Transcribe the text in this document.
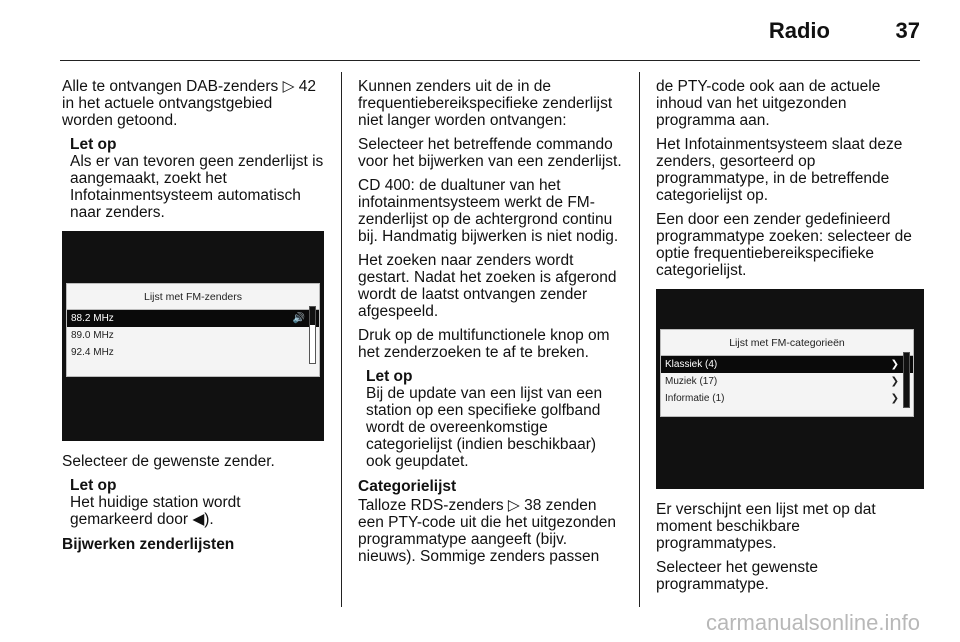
Radio	37

Alle te ontvangen DAB-zenders ▷ 42 in het actuele ontvangstgebied worden getoond.

Let op
Als er van tevoren geen zenderlijst is aangemaakt, zoekt het Infotainmentsysteem automatisch naar zenders.
Lijst met FM-zenders
88.2 MHz	🔊
89.0 MHz
92.4 MHz

Selecteer de gewenste zender.

Let op
Het huidige station wordt gemarkeerd door ◀).
Bijwerken zenderlijsten

Kunnen zenders uit de in de frequentiebereikspecifieke zenderlijst niet langer worden ontvangen:

Selecteer het betreffende commando voor het bijwerken van een zenderlijst.

CD 400: de dualtuner van het infotainmentsysteem werkt de FM-zenderlijst op de achtergrond continu bij. Handmatig bijwerken is niet nodig.

Het zoeken naar zenders wordt gestart. Nadat het zoeken is afgerond wordt de laatst ontvangen zender afgespeeld.

Druk op de multifunctionele knop om het zenderzoeken te af te breken.

Let op
Bij de update van een lijst van een station op een specifieke golfband wordt de overeenkomstige categorielijst (indien beschikbaar) ook geupdatet.
Categorielijst

Talloze RDS-zenders ▷ 38 zenden een PTY-code uit die het uitgezonden programmatype aangeeft (bijv. nieuws). Sommige zenders passen

de PTY-code ook aan de actuele inhoud van het uitgezonden programma aan.

Het Infotainmentsysteem slaat deze zenders, gesorteerd op programmatype, in de betreffende categorielijst op.

Een door een zender gedefinieerd programmatype zoeken: selecteer de optie frequentiebereikspecifieke categorielijst.

Lijst met FM-categorieën
Klassiek (4)	❯
Muziek (17)	❯
Informatie (1)	❯

Er verschijnt een lijst met op dat moment beschikbare programmatypes.

Selecteer het gewenste programmatype.

carmanualsonline.info
